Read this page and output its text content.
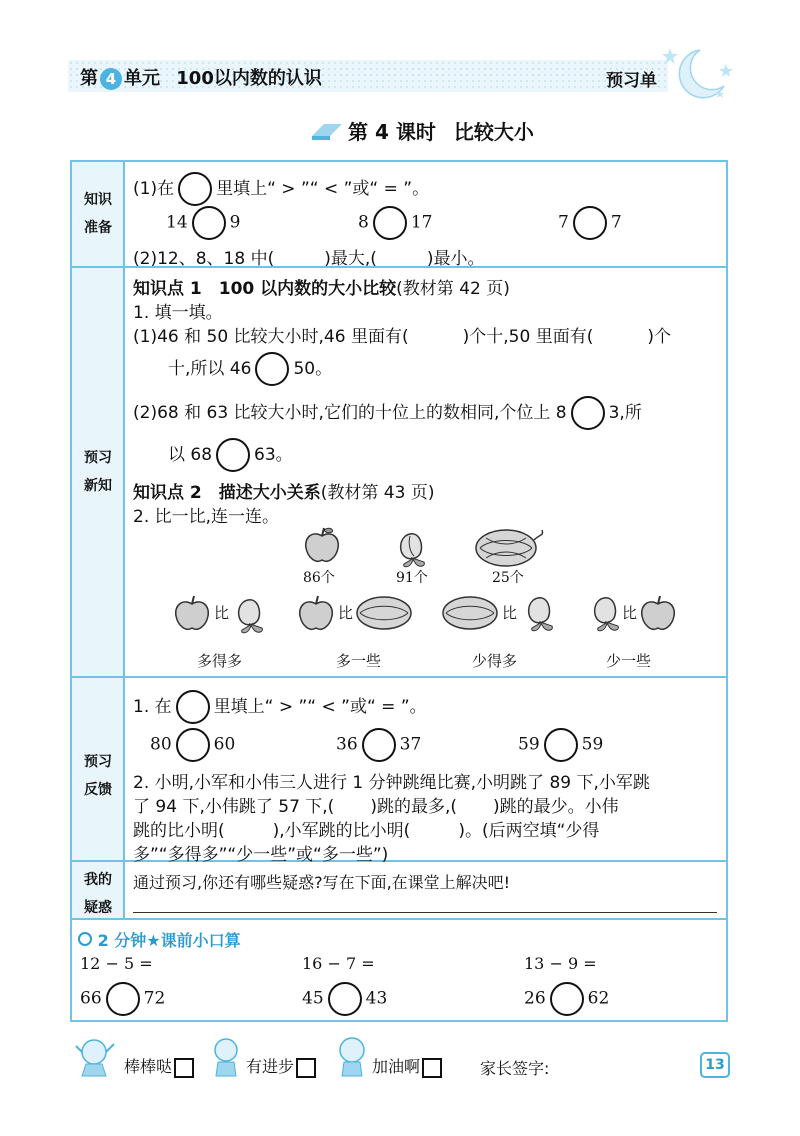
第 4 单元 100以内数的认识	预习单
第 4 课时 比较大小
知识
准备
(1)在 里填上“ > ”“ < ”或“ = ”。
14 9	8 17	7 7
(2)12、8、18 中(	)最大,(	)最小。
预习
新知
知识点 1　100 以内数的大小比较(教材第 42 页)
1. 填一填。
(1)46 和 50 比较大小时,46 里面有(	)个十,50 里面有(	)个
十,所以 46 50。
(2)68 和 63 比较大小时,它们的十位上的数相同,个位上 8 3,所
以 68 63。
知识点 2　描述大小关系(教材第 43 页)
2. 比一比,连一连。
86个	91个	25个
比	比	比	比
多得多	多一些	少得多	少一些
预习
反馈
1. 在 里填上“ > ”“ < ”或“ = ”。
80 60	36 37	59 59
2. 小明,小军和小伟三人进行 1 分钟跳绳比赛,小明跳了 89 下,小军跳
了 94 下,小伟跳了 57 下,( )跳的最多,( )跳的最少。小伟
跳的比小明(	),小军跳的比小明(	)。(后两空填“少得
多”“多得多”“少一些”或“多一些”)
我的
疑惑
通过预习,你还有哪些疑惑?写在下面,在课堂上解决吧!
2 分钟★课前小口算
12 − 5 =	16 − 7 =	13 − 9 =
66 72	45 43	26 62
棒棒哒	有进步	加油啊	家长签字:	13
